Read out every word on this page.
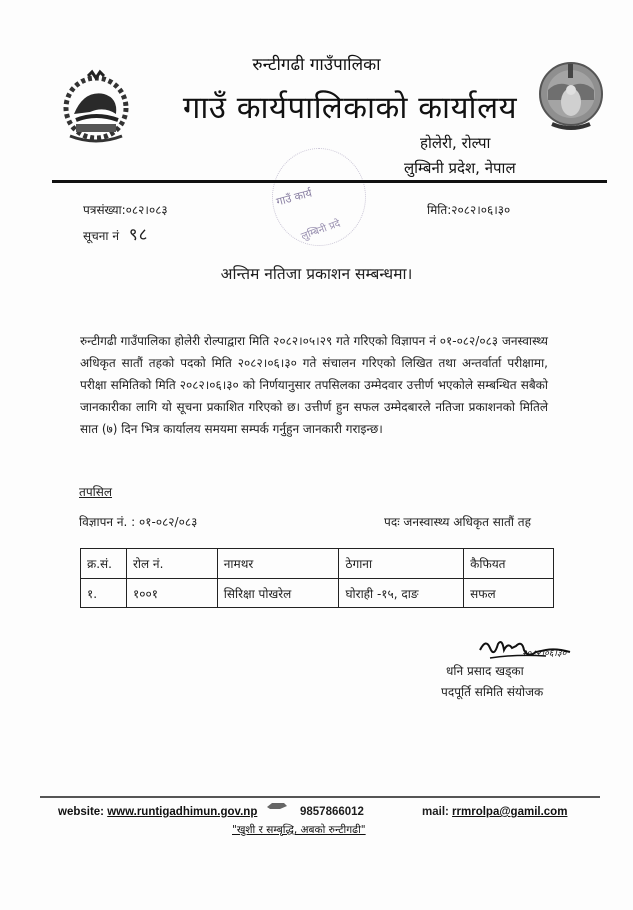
रुन्टीगढी गाउँपालिका
गाउँ कार्यपालिकाको कार्यालय
होलेरी, रोल्पा
लुम्बिनी प्रदेश, नेपाल
गाउँ कार्य
लुम्बिनी प्रदे
पत्रसंख्या:०८२।०८३
सूचना नं ९८
मिति:२०८२।०६।३०
अन्तिम नतिजा प्रकाशन सम्बन्धमा।
रुन्टीगढी गाउँपालिका होलेरी रोल्पाद्वारा मिति २०८२।०५।२९ गते गरिएको विज्ञापन नं ०१-०८२/०८३ जनस्वास्थ्य अधिकृत सातौं तहको पदको मिति २०८२।०६।३० गते संचालन गरिएको लिखित तथा अन्तर्वार्ता परीक्षामा, परीक्षा समितिको मिति २०८२।०६।३० को निर्णयानुसार तपसिलका उम्मेदवार उत्तीर्ण भएकोले सम्बन्धित सबैको जानकारीका लागि यो सूचना प्रकाशित गरिएको छ। उत्तीर्ण हुन सफल उम्मेदबारले नतिजा प्रकाशनको मितिले सात (७) दिन भित्र कार्यालय समयमा सम्पर्क गर्नुहुन जानकारी गराइन्छ।
तपसिल
विज्ञापन नं. : ०१-०८२/०८३	पदः जनस्वास्थ्य अधिकृत सातौं तह
क्र.सं.	रोल नं.	नामथर	ठेगाना	कैफियत
१.	१००१	सिरिक्षा पोखरेल	घोराही -१५, दाङ	सफल
२०८२।०६।३०
धनि प्रसाद खड्का
पदपूर्ति समिति संयोजक
website: www.runtigadhimun.gov.np	9857866012	mail: rrmrolpa@gamil.com
"खुशी र सम्बृद्धि, अबको रुन्टीगढी"
